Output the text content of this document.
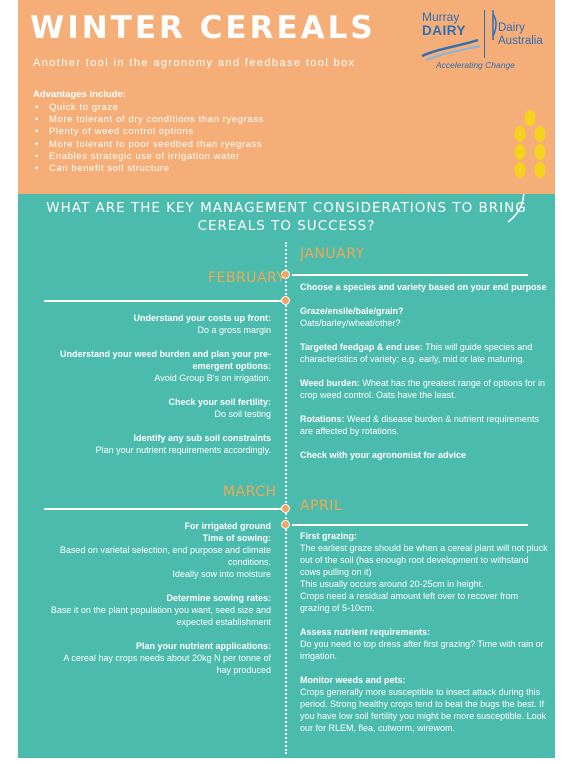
WINTER CEREALS
Another tool in the agronomy and feedbase tool box
Advantages include:
• Quick to graze
• More tolerant of dry conditions than ryegrass
• Plenty of weed control options
• More tolerant to poor seedbed than ryegrass
• Enables strategic use of irrigation water
• Can benefit soil structure
Murray
DAIRY	Dairy
Australia
Accelerating Change
WHAT ARE THE KEY MANAGEMENT CONSIDERATIONS TO BRING
CEREALS TO SUCCESS?
JANUARY
FEBRUARY
Choose a species and variety based on your end purpose
Graze/ensile/bale/grain?
Oats/barley/wheat/other?
Targeted feedgap & end use: This will guide species and characteristics of variety: e.g. early, mid or late maturing.
Weed burden: Wheat has the greatest range of options for in crop weed control. Oats have the least.
Rotations: Weed & disease burden & nutrient requirements are affected by rotations.
Check with your agronomist for advice
Understand your costs up front:
Do a gross margin
Understand your weed burden and plan your pre-emergent options:
Avoid Group B's on irrigation.
Check your soil fertility:
Do soil testing
Identify any sub soil constraints
Plan your nutrient requirements accordingly.
MARCH
APRIL
For irrigated ground
Time of sowing:
Based on varietal selection, end purpose and climate conditions.
Ideally sow into moisture
Determine sowing rates:
Base it on the plant population you want, seed size and expected establishment
Plan your nutrient applications:
A cereal hay crops needs about 20kg N per tonne of hay produced
First grazing:
The earliest graze should be when a cereal plant will not pluck out of the soil (has enough root development to withstand cows pulling on it)
This usually occurs around 20-25cm in height.
Crops need a residual amount left over to recover from grazing of 5-10cm.
Assess nutrient requirements:
Do you need to top dress after first grazing? Time with rain or irrigation.
Monitor weeds and pets:
Crops generally more susceptible to insect attack during this period. Strong healthy crops tend to beat the bugs the best. If you have low soil fertility you might be more susceptible. Look our for RLEM, flea, cutworm, wirewom.
